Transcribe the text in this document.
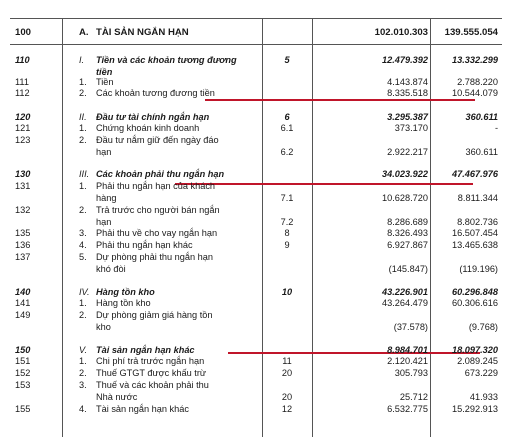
100	A. TÀI SẢN NGẮN HẠN	102.010.303	139.555.054
110	I.	Tiền và các khoản tương đương	5	12.479.392	13.332.299
tiền
111	1.	Tiền	4.143.874	2.788.220
112	2.	Các khoản tương đương tiền	8.335.518	10.544.079
120	II.	Đầu tư tài chính ngắn hạn	6	3.295.387	360.611
121	1.	Chứng khoán kinh doanh	6.1	373.170	-
123	2.	Đầu tư nắm giữ đến ngày đáo
hạn	6.2	2.922.217	360.611
130	III. Các khoản phải thu ngắn hạn	34.023.922	47.467.976
131	1.	Phải thu ngắn hạn của khách
hàng	7.1	10.628.720	8.811.344
132	2.	Trả trước cho người bán ngắn
hạn	7.2	8.286.689	8.802.736
135	3.	Phải thu về cho vay ngắn hạn	8	8.326.493	16.507.454
136	4.	Phải thu ngắn hạn khác	9	6.927.867	13.465.638
137	5.	Dự phòng phải thu ngắn hạn
khó đòi	(145.847)	(119.196)
140	IV. Hàng tồn kho	10	43.226.901	60.296.848
141	1.	Hàng tồn kho	43.264.479	60.306.616
149	2.	Dự phòng giảm giá hàng tồn
kho	(37.578)	(9.768)
150	V. Tài sản ngắn hạn khác	8.984.701	18.097.320
151	1.	Chi phí trả trước ngắn hạn	11	2.120.421	2.089.245
152	2.	Thuế GTGT được khấu trừ	20	305.793	673.229
153	3.	Thuế và các khoản phải thu
Nhà nước	20	25.712	41.933
155	4.	Tài sản ngắn hạn khác	12	6.532.775	15.292.913
